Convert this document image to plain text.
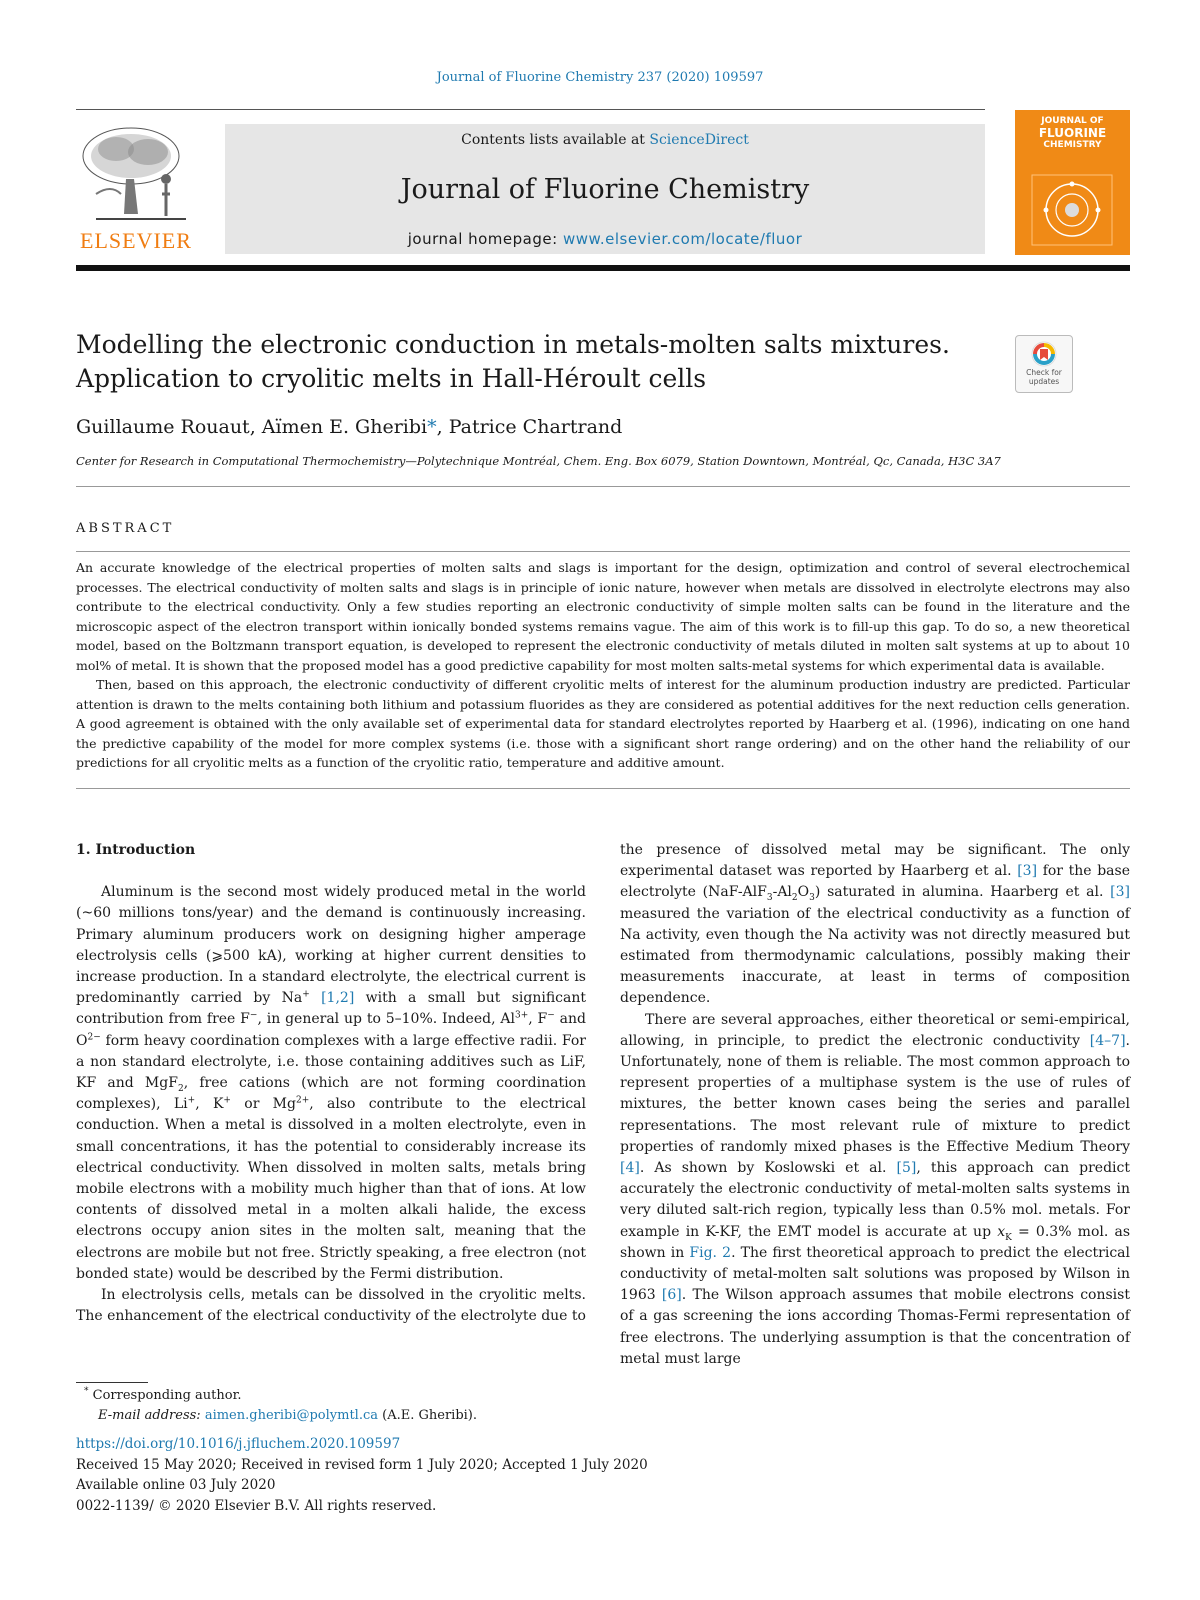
Journal of Fluorine Chemistry 237 (2020) 109597
ELSEVIER
Contents lists available at ScienceDirect
Journal of Fluorine Chemistry
journal homepage: www.elsevier.com/locate/fluor
JOURNAL OF
FLUORINE
CHEMISTRY
Modelling the electronic conduction in metals-molten salts mixtures.
Application to cryolitic melts in Hall-Héroult cells	Check for updates
Guillaume Rouaut, Aïmen E. Gheribi*, Patrice Chartrand
Center for Research in Computational Thermochemistry—Polytechnique Montréal, Chem. Eng. Box 6079, Station Downtown, Montréal, Qc, Canada, H3C 3A7
ABSTRACT

An accurate knowledge of the electrical properties of molten salts and slags is important for the design, optimization and control of several electrochemical processes. The electrical conductivity of molten salts and slags is in principle of ionic nature, however when metals are dissolved in electrolyte electrons may also contribute to the electrical conductivity. Only a few studies reporting an electronic conductivity of simple molten salts can be found in the literature and the microscopic aspect of the electron transport within ionically bonded systems remains vague. The aim of this work is to fill-up this gap. To do so, a new theoretical model, based on the Boltzmann transport equation, is developed to represent the electronic conductivity of metals diluted in molten salt systems at up to about 10 mol% of metal. It is shown that the proposed model has a good predictive capability for most molten salts-metal systems for which experimental data is available.

Then, based on this approach, the electronic conductivity of different cryolitic melts of interest for the aluminum production industry are predicted. Particular attention is drawn to the melts containing both lithium and potassium fluorides as they are considered as potential additives for the next reduction cells generation. A good agreement is obtained with the only available set of experimental data for standard electrolytes reported by Haarberg et al. (1996), indicating on one hand the predictive capability of the model for more complex systems (i.e. those with a significant short range ordering) and on the other hand the reliability of our predictions for all cryolitic melts as a function of the cryolitic ratio, temperature and additive amount.

1. Introduction

Aluminum is the second most widely produced metal in the world (~60 millions tons/year) and the demand is continuously increasing. Primary aluminum producers work on designing higher amperage electrolysis cells (⩾500 kA), working at higher current densities to increase production. In a standard electrolyte, the electrical current is predominantly carried by Na+ [1,2] with a small but significant contribution from free F−, in general up to 5–10%. Indeed, $Al^{3+}$, F− and $O^{2-}$ form heavy coordination complexes with a large effective radii. For a non standard electrolyte, i.e. those containing additives such as LiF, KF and MgF$_2$, free cations (which are not forming coordination complexes), Li+, K+ or $Mg^{2+}$, also contribute to the electrical conduction. When a metal is dissolved in a molten electrolyte, even in small concentrations, it has the potential to considerably increase its electrical conductivity. When dissolved in molten salts, metals bring mobile electrons with a mobility much higher than that of ions. At low contents of dissolved metal in a molten alkali halide, the excess electrons occupy anion sites in the molten salt, meaning that the electrons are mobile but not free. Strictly speaking, a free electron (not bonded state) would be described by the Fermi distribution.

In electrolysis cells, metals can be dissolved in the cryolitic melts. The enhancement of the electrical conductivity of the electrolyte due to

the presence of dissolved metal may be significant. The only experimental dataset was reported by Haarberg et al. [3] for the base electrolyte $(NaF-AlF_3-Al_2O_3)$ saturated in alumina. Haarberg et al. [3] measured the variation of the electrical conductivity as a function of Na activity, even though the Na activity was not directly measured but estimated from thermodynamic calculations, possibly making their measurements inaccurate, at least in terms of composition dependence.

There are several approaches, either theoretical or semi-empirical, allowing, in principle, to predict the electronic conductivity [4–7]. Unfortunately, none of them is reliable. The most common approach to represent properties of a multiphase system is the use of rules of mixtures, the better known cases being the series and parallel representations. The most relevant rule of mixture to predict properties of randomly mixed phases is the Effective Medium Theory [4]. As shown by Koslowski et al. [5], this approach can predict accurately the electronic conductivity of metal-molten salts systems in very diluted salt-rich region, typically less than 0.5% mol. metals. For example in K-KF, the EMT model is accurate at up $x_K = 0.3\%$ mol. as shown in Fig. 2. The first theoretical approach to predict the electrical conductivity of metal-molten salt solutions was proposed by Wilson in 1963 [6]. The Wilson approach assumes that mobile electrons consist of a gas screening the ions according Thomas-Fermi representation of free electrons. The underlying assumption is that the concentration of metal must large

* Corresponding author.
E-mail address: aimen.gheribi@polymtl.ca (A.E. Gheribi).
https://doi.org/10.1016/j.jfluchem.2020.109597
Received 15 May 2020; Received in revised form 1 July 2020; Accepted 1 July 2020
Available online 03 July 2020
0022-1139/ © 2020 Elsevier B.V. All rights reserved.
